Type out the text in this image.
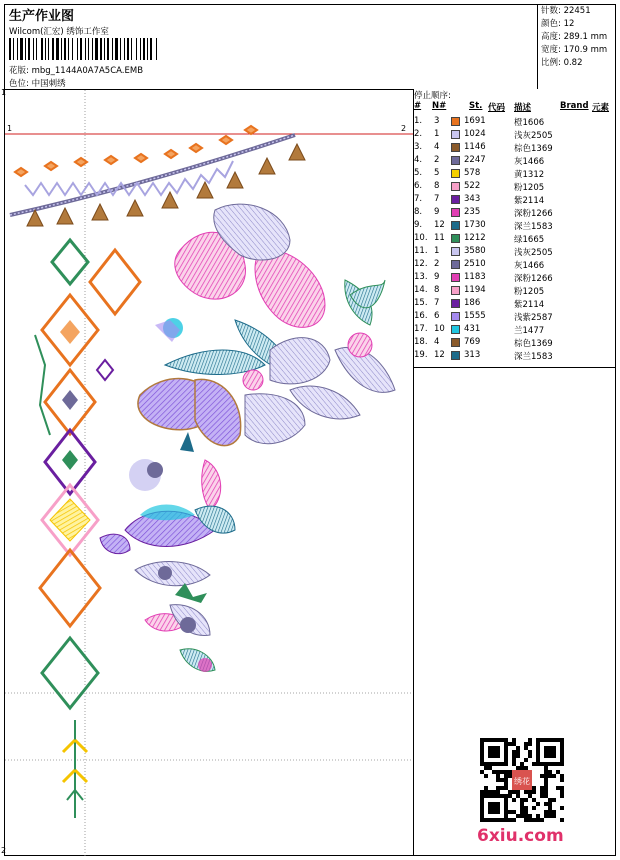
生产作业图
Wilcom(汇宏) 绣饰工作室
花版: mbg_1144A0A7A5CA.EMB
色位: 中国刺绣
针数: 22451
颜色: 12
高度: 289.1 mm
宽度: 170.9 mm
比例: 0.82
1
1	2
2
停止顺序:
# N#	St. 代码 描述	Brand 元素
1. 3	1691	橙1606
2. 1	1024	浅灰2505
3. 4	1146	棕色1369
4. 2	2247	灰1466
5. 5	578	黄1312
6. 8	522	粉1205
7. 7	343	紫2114
8. 9	235	深粉1266
9. 12 1730	深兰1583
10. 11 1212	绿1665
11. 1	3580	浅灰2505
12. 2	2510	灰1466
13. 9	1183	深粉1266
14. 8	1194	粉1205
15. 7	186	紫2114
16. 6	1555	浅紫2587
17. 10 431	兰1477
18. 4	769	棕色1369
19. 12 313	深兰1583
绣花
6xiu.com
